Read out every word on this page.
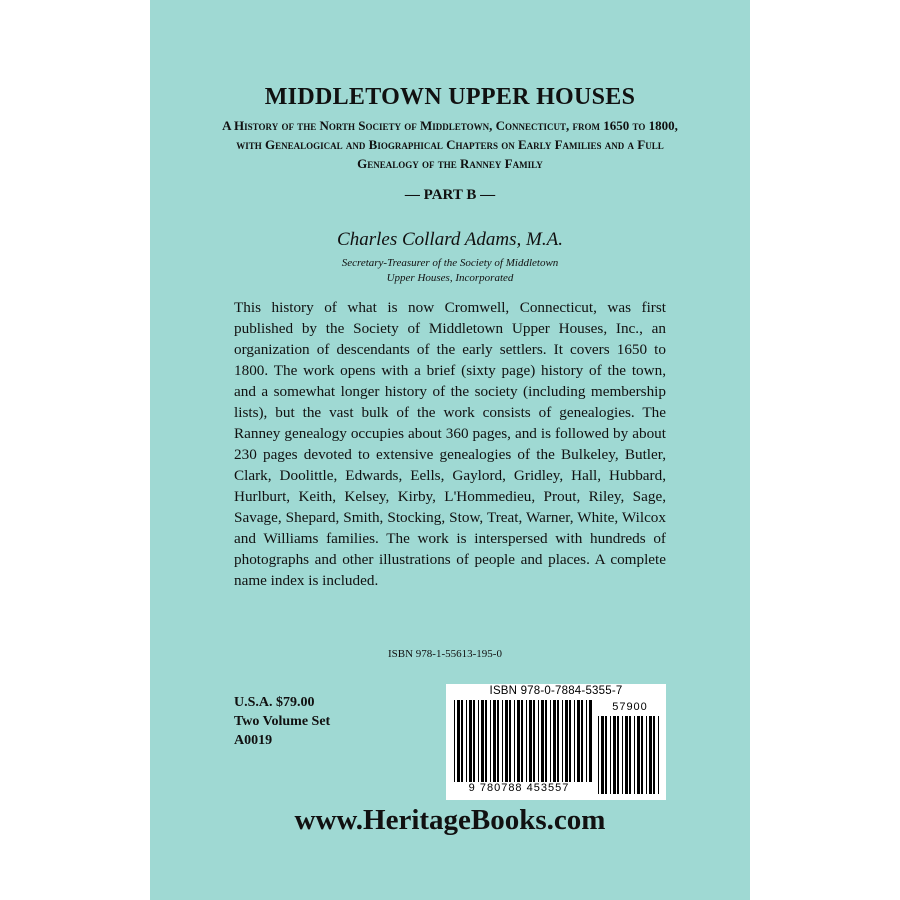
MIDDLETOWN UPPER HOUSES
A History of the North Society of Middletown, Connecticut, from 1650 to 1800, with Genealogical and Biographical Chapters on Early Families and a Full Genealogy of the Ranney Family
— PART B —
Charles Collard Adams, M.A.
Secretary-Treasurer of the Society of Middletown
Upper Houses, Incorporated

This history of what is now Cromwell, Connecticut, was first published by the Society of Middletown Upper Houses, Inc., an organization of descendants of the early settlers. It covers 1650 to 1800. The work opens with a brief (sixty page) history of the town, and a somewhat longer history of the society (including membership lists), but the vast bulk of the work consists of genealogies. The Ranney genealogy occupies about 360 pages, and is followed by about 230 pages devoted to extensive genealogies of the Bulkeley, Butler, Clark, Doolittle, Edwards, Eells, Gaylord, Gridley, Hall, Hubbard, Hurlburt, Keith, Kelsey, Kirby, L'Hommedieu, Prout, Riley, Sage, Savage, Shepard, Smith, Stocking, Stow, Treat, Warner, White, Wilcox and Williams families. The work is interspersed with hundreds of photographs and other illustrations of people and places. A complete name index is included.

ISBN 978-1-55613-195-0
U.S.A. $79.00
Two Volume Set
A0019
ISBN 978-0-7884-5355-7
57900
9 780788 453557
www.HeritageBooks.com
